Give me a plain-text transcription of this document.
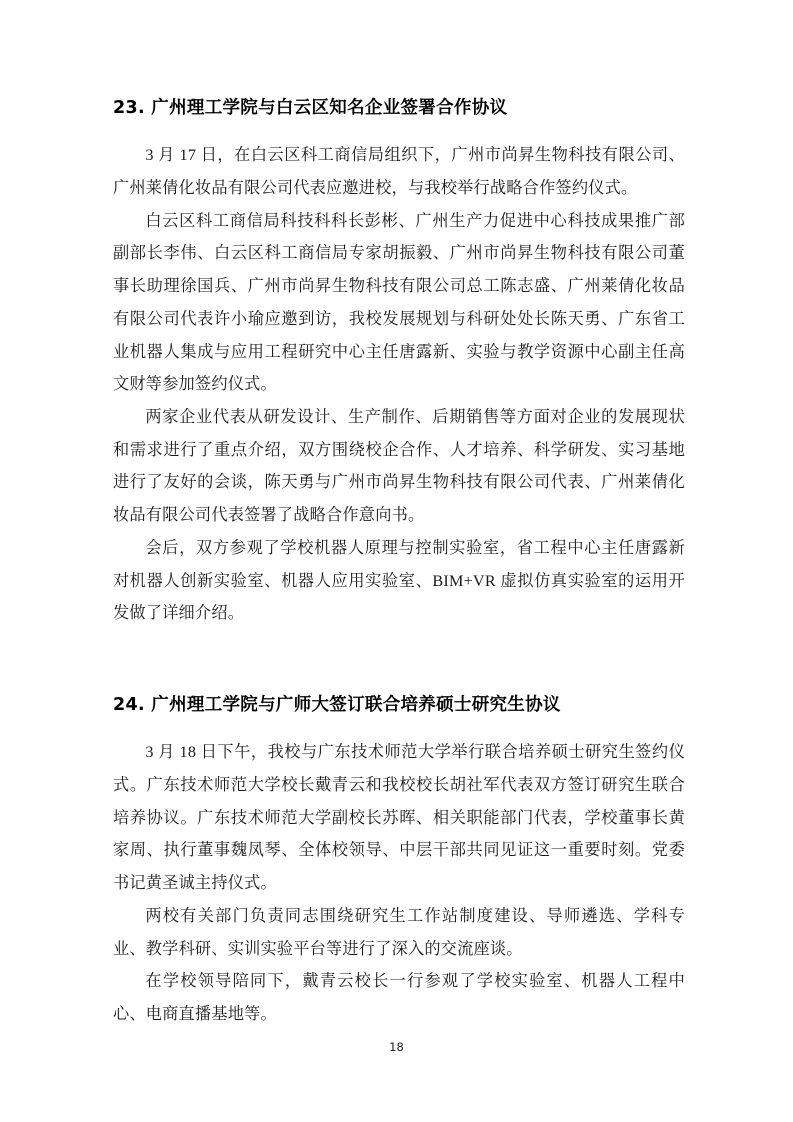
23. 广州理工学院与白云区知名企业签署合作协议

3 月 17 日，在白云区科工商信局组织下，广州市尚昇生物科技有限公司、广州莱倩化妆品有限公司代表应邀进校，与我校举行战略合作签约仪式。

白云区科工商信局科技科科长彭彬、广州生产力促进中心科技成果推广部副部长李伟、白云区科工商信局专家胡振毅、广州市尚昇生物科技有限公司董事长助理徐国兵、广州市尚昇生物科技有限公司总工陈志盛、广州莱倩化妆品有限公司代表许小瑜应邀到访，我校发展规划与科研处处长陈天勇、广东省工业机器人集成与应用工程研究中心主任唐露新、实验与教学资源中心副主任高文财等参加签约仪式。

两家企业代表从研发设计、生产制作、后期销售等方面对企业的发展现状和需求进行了重点介绍，双方围绕校企合作、人才培养、科学研发、实习基地进行了友好的会谈，陈天勇与广州市尚昇生物科技有限公司代表、广州莱倩化妆品有限公司代表签署了战略合作意向书。

会后，双方参观了学校机器人原理与控制实验室，省工程中心主任唐露新对机器人创新实验室、机器人应用实验室、BIM+VR 虚拟仿真实验室的运用开发做了详细介绍。

24. 广州理工学院与广师大签订联合培养硕士研究生协议

3 月 18 日下午，我校与广东技术师范大学举行联合培养硕士研究生签约仪式。广东技术师范大学校长戴青云和我校校长胡社军代表双方签订研究生联合培养协议。广东技术师范大学副校长苏晖、相关职能部门代表，学校董事长黄家周、执行董事魏凤琴、全体校领导、中层干部共同见证这一重要时刻。党委书记黄圣诚主持仪式。

两校有关部门负责同志围绕研究生工作站制度建设、导师遴选、学科专业、教学科研、实训实验平台等进行了深入的交流座谈。

在学校领导陪同下，戴青云校长一行参观了学校实验室、机器人工程中心、电商直播基地等。

18
